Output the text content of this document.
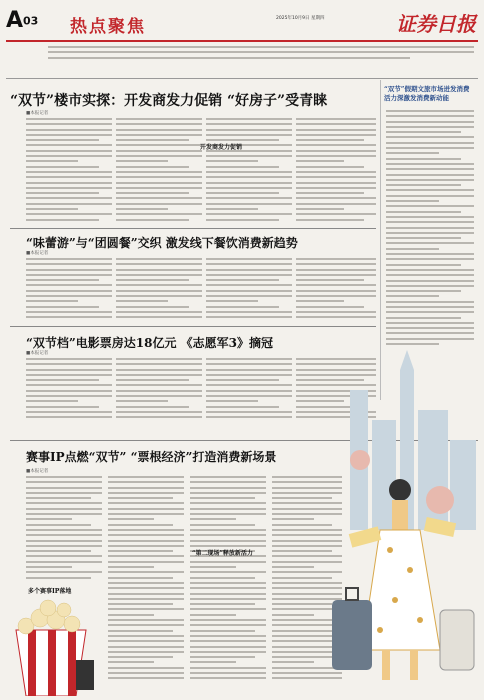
A03 热点聚焦	2025年10月9日 星期四	证券日报
“双节”楼市实探：开发商发力促销 “好房子”受青睐
■本报记者
开发商发力促销
“双节”假期文旅市场迸发消费活力深激发消费新动能
“味蕾游”与“团圆餐”交织 激发线下餐饮消费新趋势
■本报记者
“双节档”电影票房达18亿元 《志愿军3》摘冠
■本报记者
赛事IP点燃“双节” “票根经济”打造消费新场景
■本报记者
“第二现场”释放新活力
多个赛事IP落地
